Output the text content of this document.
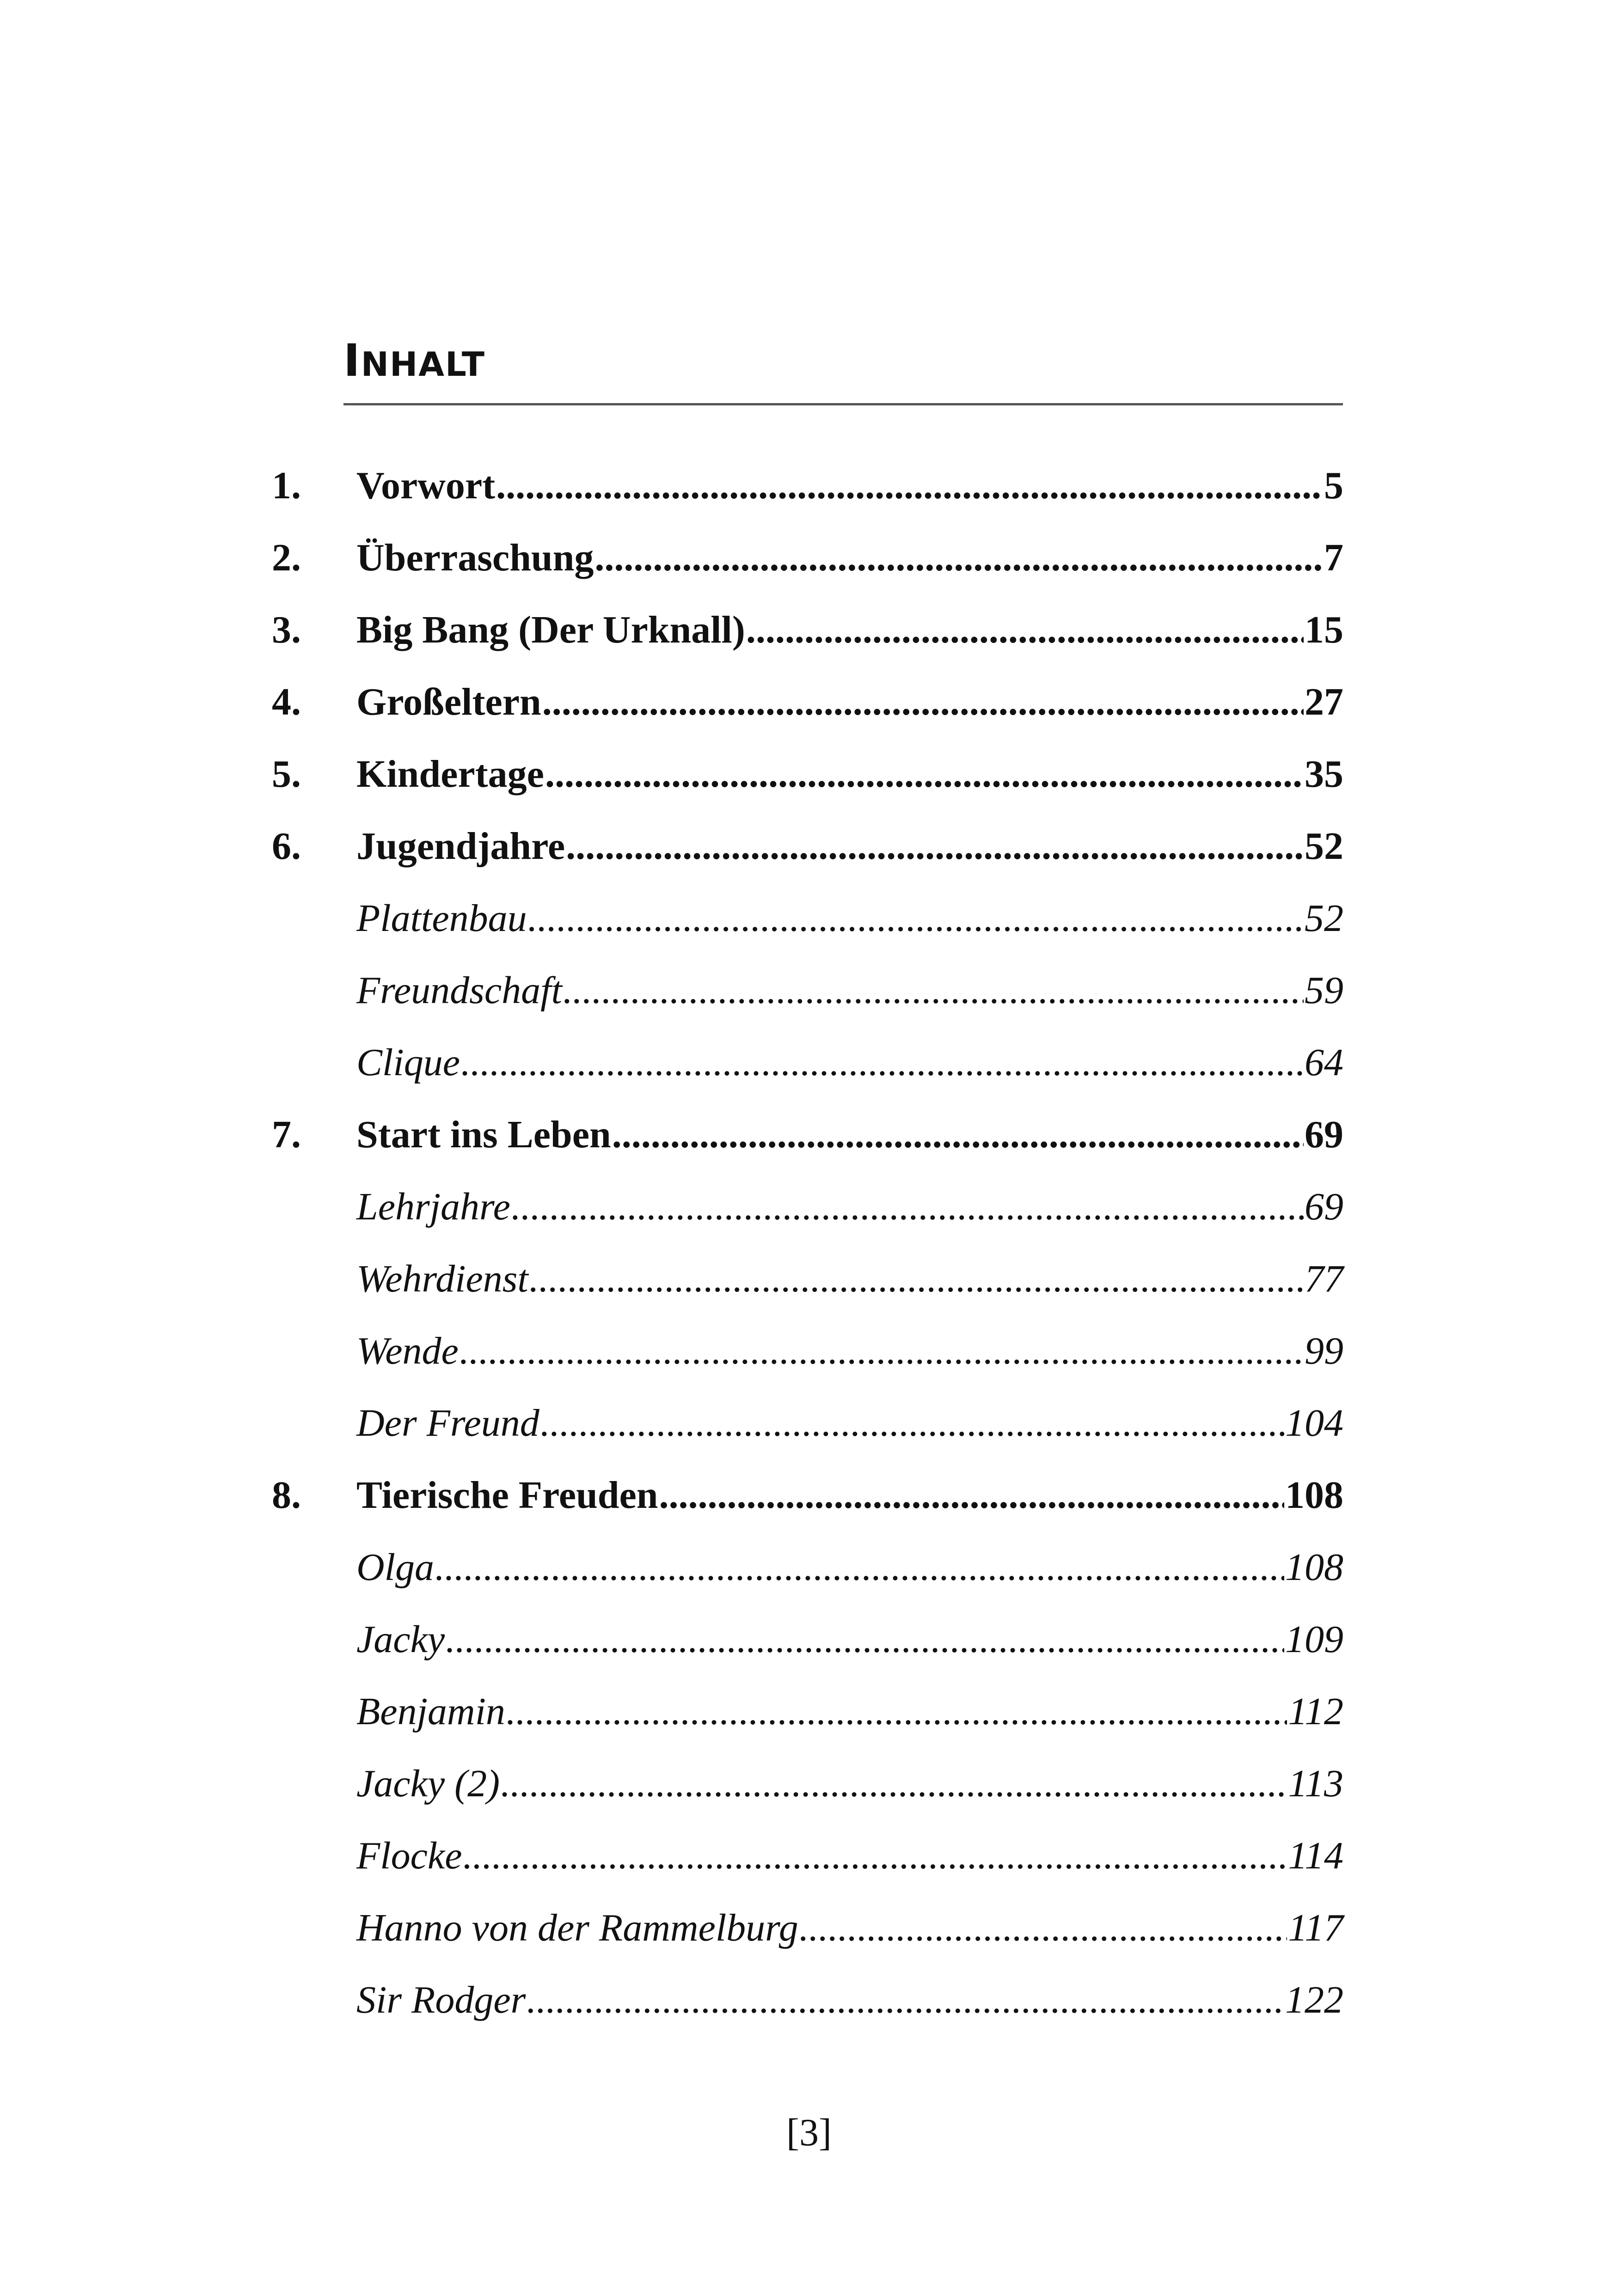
INHALT
1. Vorwort .....	5
2. Überraschung .....	7
3. Big Bang (Der Urknall) .....	15
4. Großeltern .....	27
5. Kindertage .....	35
6. Jugendjahre .....	52
Plattenbau .....	52
Freundschaft .....	59
Clique .....	64
7. Start ins Leben .....	69
Lehrjahre .....	69
Wehrdienst .....	77
Wende .....	99
Der Freund .....	104
8. Tierische Freuden .....	108
Olga .....	108
Jacky .....	109
Benjamin .....	112
Jacky (2) .....	113
Flocke .....	114
Hanno von der Rammelburg .....	117
Sir Rodger .....	122
[3]
